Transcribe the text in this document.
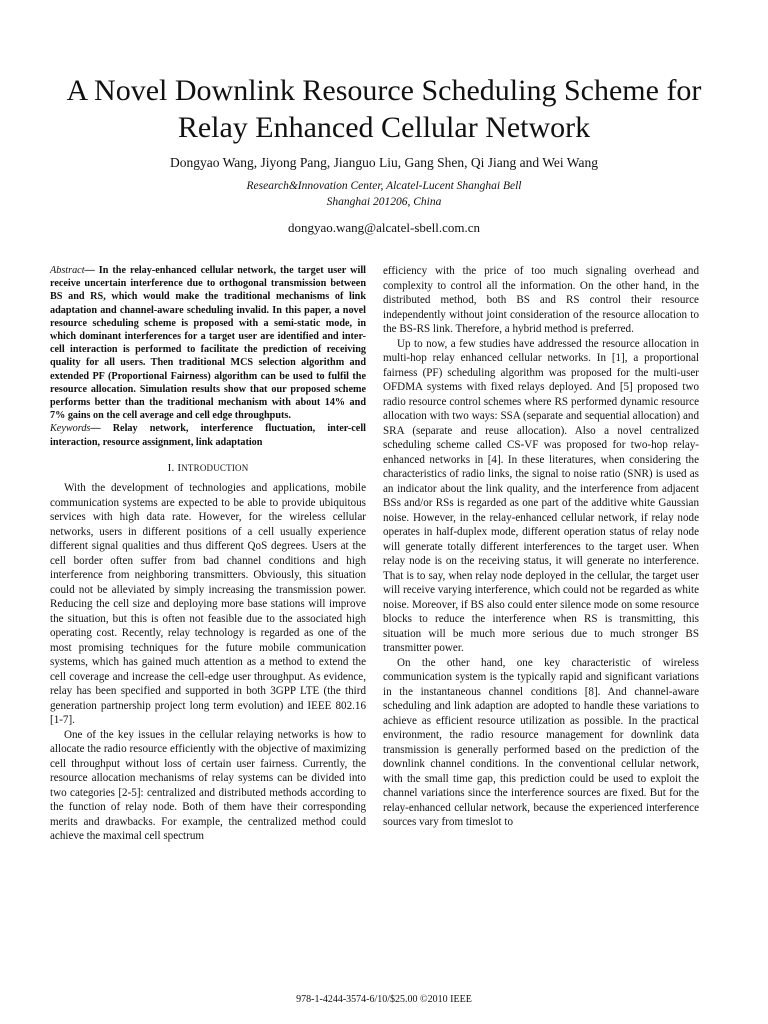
A Novel Downlink Resource Scheduling Scheme for
Relay Enhanced Cellular Network

Dongyao Wang, Jiyong Pang, Jianguo Liu, Gang Shen, Qi Jiang and Wei Wang

Research&Innovation Center, Alcatel-Lucent Shanghai Bell

Shanghai 201206, China

dongyao.wang@alcatel-sbell.com.cn

Abstract— In the relay-enhanced cellular network, the target user will receive uncertain interference due to orthogonal transmission between BS and RS, which would make the traditional mechanisms of link adaptation and channel-aware scheduling invalid. In this paper, a novel resource scheduling scheme is proposed with a semi-static mode, in which dominant interferences for a target user are identified and inter-cell interaction is performed to facilitate the prediction of receiving quality for all users. Then traditional MCS selection algorithm and extended PF (Proportional Fairness) algorithm can be used to fulfil the resource allocation. Simulation results show that our proposed scheme performs better than the traditional mechanism with about 14% and 7% gains on the cell average and cell edge throughputs.

Keywords— Relay network, interference fluctuation, inter-cell interaction, resource assignment, link adaptation

I. INTRODUCTION

With the development of technologies and applications, mobile communication systems are expected to be able to provide ubiquitous services with high data rate. However, for the wireless cellular networks, users in different positions of a cell usually experience different signal qualities and thus different QoS degrees. Users at the cell border often suffer from bad channel conditions and high interference from neighboring transmitters. Obviously, this situation could not be alleviated by simply increasing the transmission power. Reducing the cell size and deploying more base stations will improve the situation, but this is often not feasible due to the associated high operating cost. Recently, relay technology is regarded as one of the most promising techniques for the future mobile communication systems, which has gained much attention as a method to extend the cell coverage and increase the cell-edge user throughput. As evidence, relay has been specified and supported in both 3GPP LTE (the third generation partnership project long term evolution) and IEEE 802.16 [1-7].

One of the key issues in the cellular relaying networks is how to allocate the radio resource efficiently with the objective of maximizing cell throughput without loss of certain user fairness. Currently, the resource allocation mechanisms of relay systems can be divided into two categories [2-5]: centralized and distributed methods according to the function of relay node. Both of them have their corresponding merits and drawbacks. For example, the centralized method could achieve the maximal cell spectrum

efficiency with the price of too much signaling overhead and complexity to control all the information. On the other hand, in the distributed method, both BS and RS control their resource independently without joint consideration of the resource allocation to the BS-RS link. Therefore, a hybrid method is preferred.

Up to now, a few studies have addressed the resource allocation in multi-hop relay enhanced cellular networks. In [1], a proportional fairness (PF) scheduling algorithm was proposed for the multi-user OFDMA systems with fixed relays deployed. And [5] proposed two radio resource control schemes where RS performed dynamic resource allocation with two ways: SSA (separate and sequential allocation) and SRA (separate and reuse allocation). Also a novel centralized scheduling scheme called CS-VF was proposed for two-hop relay-enhanced networks in [4]. In these literatures, when considering the characteristics of radio links, the signal to noise ratio (SNR) is used as an indicator about the link quality, and the interference from adjacent BSs and/or RSs is regarded as one part of the additive white Gaussian noise. However, in the relay-enhanced cellular network, if relay node operates in half-duplex mode, different operation status of relay node will generate totally different interferences to the target user. When relay node is on the receiving status, it will generate no interference. That is to say, when relay node deployed in the cellular, the target user will receive varying interference, which could not be regarded as white noise. Moreover, if BS also could enter silence mode on some resource blocks to reduce the interference when RS is transmitting, this situation will be much more serious due to much stronger BS transmitter power.

On the other hand, one key characteristic of wireless communication system is the typically rapid and significant variations in the instantaneous channel conditions [8]. And channel-aware scheduling and link adaption are adopted to handle these variations to achieve as efficient resource utilization as possible. In the practical environment, the radio resource management for downlink data transmission is generally performed based on the prediction of the downlink channel conditions. In the conventional cellular network, with the small time gap, this prediction could be used to exploit the channel variations since the interference sources are fixed. But for the relay-enhanced cellular network, because the experienced interference sources vary from timeslot to

978-1-4244-3574-6/10/$25.00 ©2010 IEEE
